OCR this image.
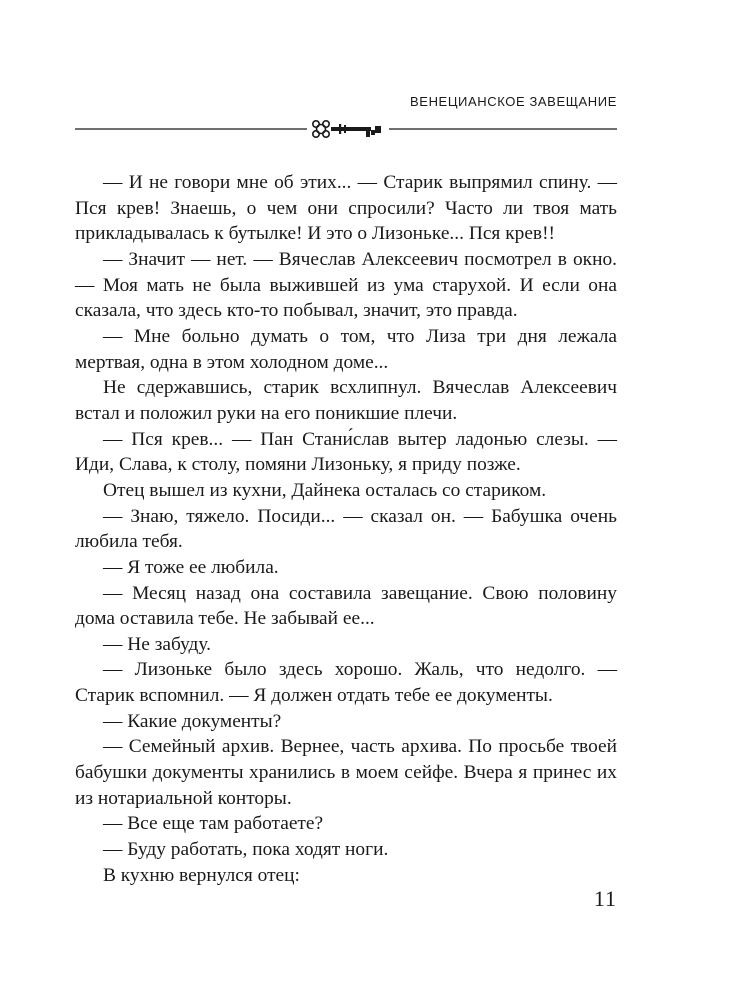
ВЕНЕЦИАНСКОЕ ЗАВЕЩАНИЕ

— И не говори мне об этих... — Старик выпрямил спину. — Пся крев! Знаешь, о чем они спросили? Часто ли твоя мать прикладывалась к бутылке! И это о Лизоньке... Пся крев!!

— Значит — нет. — Вячеслав Алексеевич посмотрел в окно. — Моя мать не была выжившей из ума старухой. И если она сказала, что здесь кто-то побывал, значит, это правда.

— Мне больно думать о том, что Лиза три дня лежала мертвая, одна в этом холодном доме...

Не сдержавшись, старик всхлипнул. Вячеслав Алексеевич встал и положил руки на его поникшие плечи.

— Пся крев... — Пан Стани́слав вытер ладонью слезы. — Иди, Слава, к столу, помяни Лизоньку, я приду позже.

Отец вышел из кухни, Дайнека осталась со стариком.

— Знаю, тяжело. Посиди... — сказал он. — Бабушка очень любила тебя.

— Я тоже ее любила.

— Месяц назад она составила завещание. Свою половину дома оставила тебе. Не забывай ее...

— Не забуду.

— Лизоньке было здесь хорошо. Жаль, что недолго. — Старик вспомнил. — Я должен отдать тебе ее документы.

— Какие документы?

— Семейный архив. Вернее, часть архива. По просьбе твоей бабушки документы хранились в моем сейфе. Вчера я принес их из нотариальной конторы.

— Все еще там работаете?

— Буду работать, пока ходят ноги.

В кухню вернулся отец:

11
